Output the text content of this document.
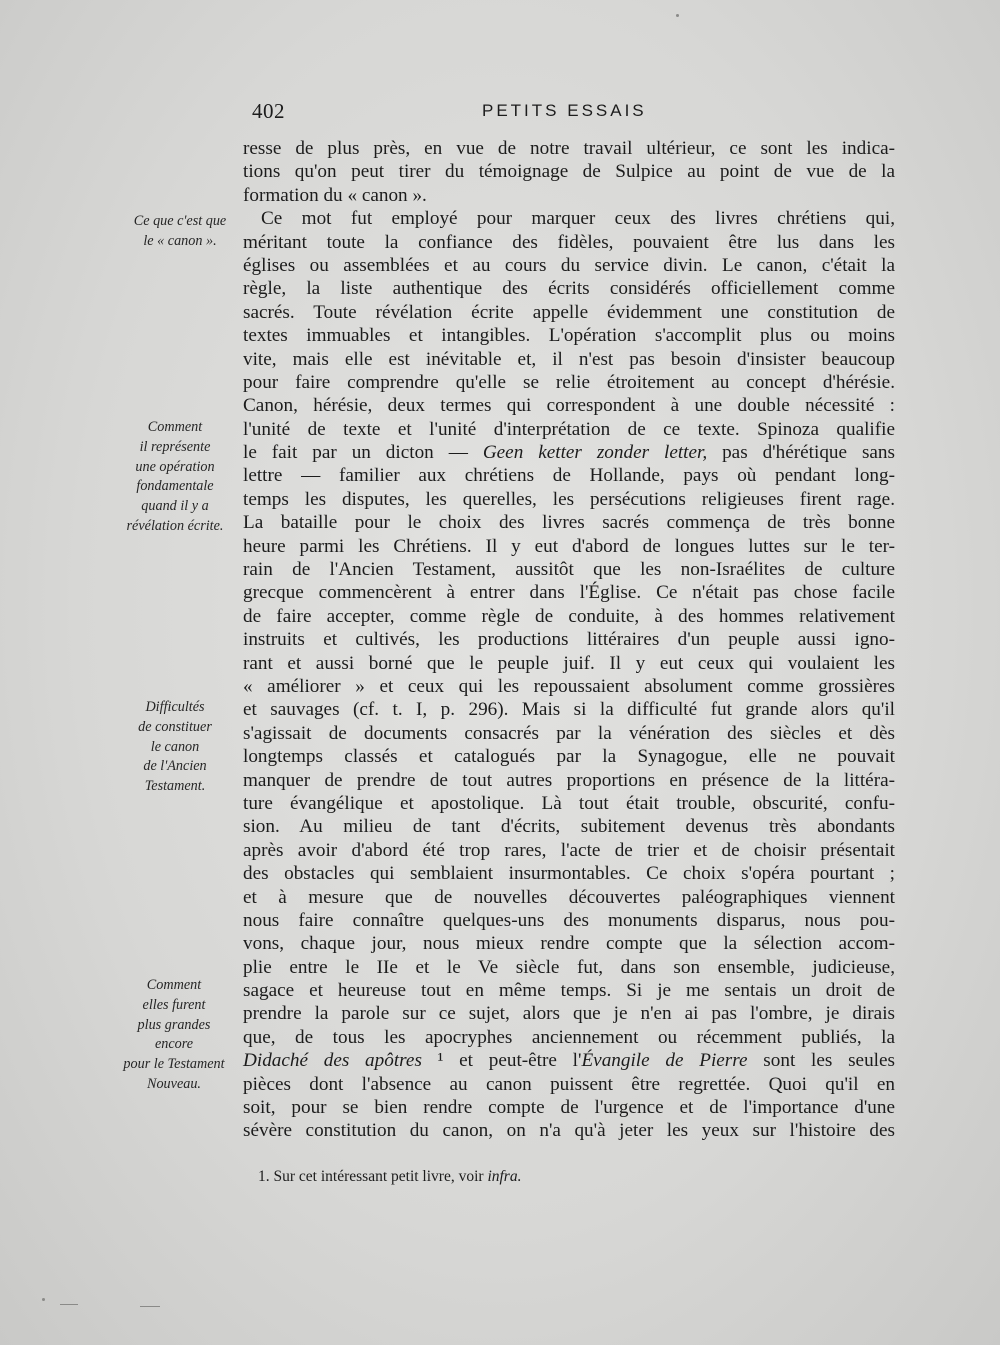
402	PETITS ESSAIS
Ce que c'est que
le « canon ».
Comment
il représente
une opération
fondamentale
quand il y a
révélation écrite.
Difficultés
de constituer
le canon
de l'Ancien
Testament.
Comment
elles furent
plus grandes
encore
pour le Testament
Nouveau.
resse de plus près, en vue de notre travail ultérieur, ce sont les indica-
tions qu'on peut tirer du témoignage de Sulpice au point de vue de la
formation du « canon ».
Ce mot fut employé pour marquer ceux des livres chrétiens qui,
méritant toute la confiance des fidèles, pouvaient être lus dans les
églises ou assemblées et au cours du service divin. Le canon, c'était la
règle, la liste authentique des écrits considérés officiellement comme
sacrés. Toute révélation écrite appelle évidemment une constitution de
textes immuables et intangibles. L'opération s'accomplit plus ou moins
vite, mais elle est inévitable et, il n'est pas besoin d'insister beaucoup
pour faire comprendre qu'elle se relie étroitement au concept d'hérésie.
Canon, hérésie, deux termes qui correspondent à une double nécessité :
l'unité de texte et l'unité d'interprétation de ce texte. Spinoza qualifie
le fait par un dicton — Geen ketter zonder letter, pas d'hérétique sans
lettre — familier aux chrétiens de Hollande, pays où pendant long-
temps les disputes, les querelles, les persécutions religieuses firent rage.
La bataille pour le choix des livres sacrés commença de très bonne
heure parmi les Chrétiens. Il y eut d'abord de longues luttes sur le ter-
rain de l'Ancien Testament, aussitôt que les non-Israélites de culture
grecque commencèrent à entrer dans l'Église. Ce n'était pas chose facile
de faire accepter, comme règle de conduite, à des hommes relativement
instruits et cultivés, les productions littéraires d'un peuple aussi igno-
rant et aussi borné que le peuple juif. Il y eut ceux qui voulaient les
« améliorer » et ceux qui les repoussaient absolument comme grossières
et sauvages (cf. t. I, p. 296). Mais si la difficulté fut grande alors qu'il
s'agissait de documents consacrés par la vénération des siècles et dès
longtemps classés et catalogués par la Synagogue, elle ne pouvait
manquer de prendre de tout autres proportions en présence de la littéra-
ture évangélique et apostolique. Là tout était trouble, obscurité, confu-
sion. Au milieu de tant d'écrits, subitement devenus très abondants
après avoir d'abord été trop rares, l'acte de trier et de choisir présentait
des obstacles qui semblaient insurmontables. Ce choix s'opéra pourtant ;
et à mesure que de nouvelles découvertes paléographiques viennent
nous faire connaître quelques-uns des monuments disparus, nous pou-
vons, chaque jour, nous mieux rendre compte que la sélection accom-
plie entre le IIe et le Ve siècle fut, dans son ensemble, judicieuse,
sagace et heureuse tout en même temps. Si je me sentais un droit de
prendre la parole sur ce sujet, alors que je n'en ai pas l'ombre, je dirais
que, de tous les apocryphes anciennement ou récemment publiés, la
Didaché des apôtres ¹ et peut-être l'Évangile de Pierre sont les seules
pièces dont l'absence au canon puissent être regrettée. Quoi qu'il en
soit, pour se bien rendre compte de l'urgence et de l'importance d'une
sévère constitution du canon, on n'a qu'à jeter les yeux sur l'histoire des
1. Sur cet intéressant petit livre, voir infra.
